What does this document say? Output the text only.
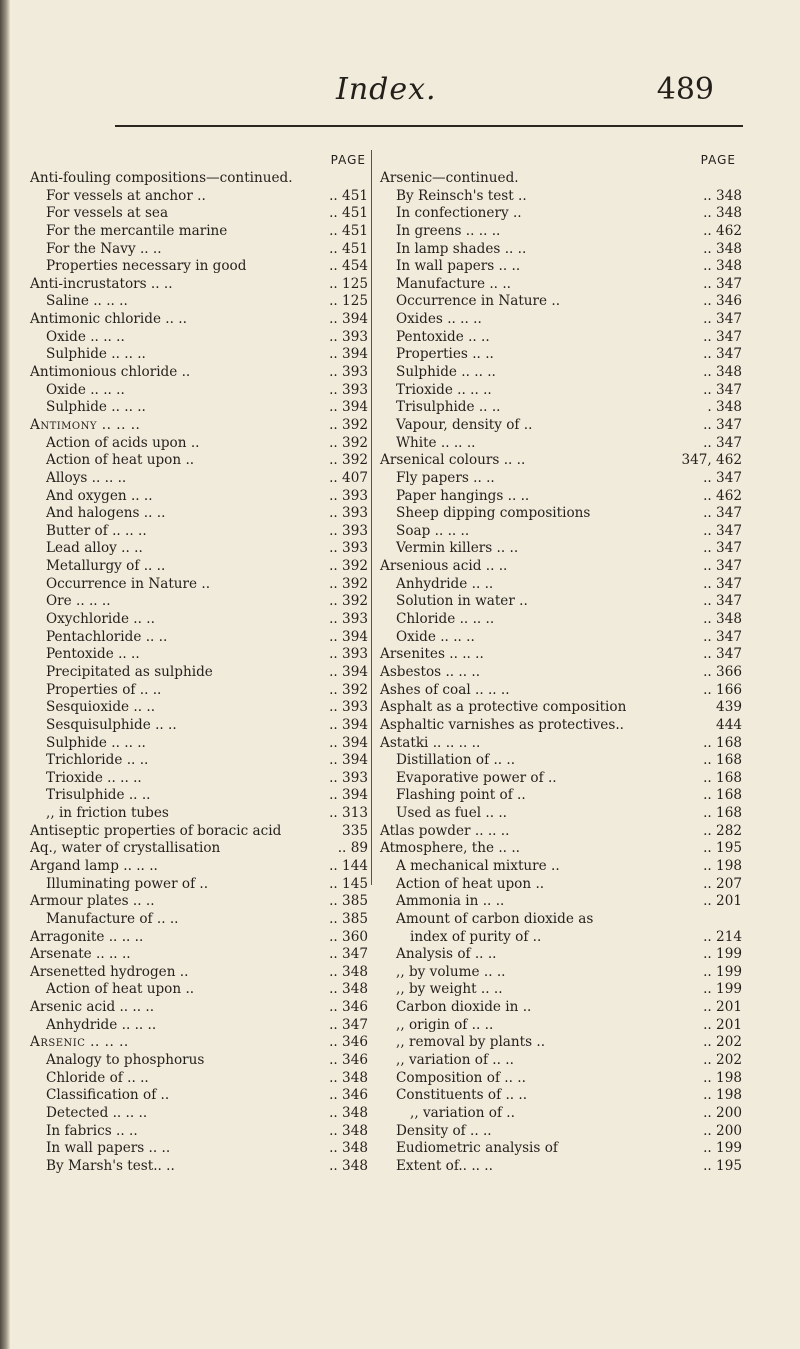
Index.	489
PAGE
Anti-fouling compositions—continued.
For vessels at anchor ..	.. 451
For vessels at sea	.. 451
For the mercantile marine	.. 451
For the Navy .. ..	.. 451
Properties necessary in good	.. 454
Anti-incrustators .. ..	.. 125
Saline .. .. ..	.. 125
Antimonic chloride .. ..	.. 394
Oxide .. .. ..	.. 393
Sulphide .. .. ..	.. 394
Antimonious chloride ..	.. 393
Oxide .. .. ..	.. 393
Sulphide .. .. ..	.. 394
Antimony .. .. ..	.. 392
Action of acids upon ..	.. 392
Action of heat upon ..	.. 392
Alloys .. .. ..	.. 407
And oxygen .. ..	.. 393
And halogens .. ..	.. 393
Butter of .. .. ..	.. 393
Lead alloy .. ..	.. 393
Metallurgy of .. ..	.. 392
Occurrence in Nature ..	.. 392
Ore .. .. ..	.. 392
Oxychloride .. ..	.. 393
Pentachloride .. ..	.. 394
Pentoxide .. ..	.. 393
Precipitated as sulphide	.. 394
Properties of .. ..	.. 392
Sesquioxide .. ..	.. 393
Sesquisulphide .. ..	.. 394
Sulphide .. .. ..	.. 394
Trichloride .. ..	.. 394
Trioxide .. .. ..	.. 393
Trisulphide .. ..	.. 394
,, in friction tubes	.. 313
Antiseptic properties of boracic acid	335
Aq., water of crystallisation	.. 89
Argand lamp .. .. ..	.. 144
Illuminating power of ..	.. 145
Armour plates .. ..	.. 385
Manufacture of .. ..	.. 385
Arragonite .. .. ..	.. 360
Arsenate .. .. ..	.. 347
Arsenetted hydrogen ..	.. 348
Action of heat upon ..	.. 348
Arsenic acid .. .. ..	.. 346
Anhydride .. .. ..	.. 347
Arsenic .. .. ..	.. 346
Analogy to phosphorus	.. 346
Chloride of .. ..	.. 348
Classification of ..	.. 346
Detected .. .. ..	.. 348
In fabrics .. ..	.. 348
In wall papers .. ..	.. 348
By Marsh's test.. ..	.. 348
PAGE
Arsenic—continued.
By Reinsch's test ..	.. 348
In confectionery ..	.. 348
In greens .. .. ..	.. 462
In lamp shades .. ..	.. 348
In wall papers .. ..	.. 348
Manufacture .. ..	.. 347
Occurrence in Nature ..	.. 346
Oxides .. .. ..	.. 347
Pentoxide .. ..	.. 347
Properties .. ..	.. 347
Sulphide .. .. ..	.. 348
Trioxide .. .. ..	.. 347
Trisulphide .. ..	. 348
Vapour, density of ..	.. 347
White .. .. ..	.. 347
Arsenical colours .. ..	347, 462
Fly papers .. ..	.. 347
Paper hangings .. ..	.. 462
Sheep dipping compositions	.. 347
Soap .. .. ..	.. 347
Vermin killers .. ..	.. 347
Arsenious acid .. ..	.. 347
Anhydride .. ..	.. 347
Solution in water ..	.. 347
Chloride .. .. ..	.. 348
Oxide .. .. ..	.. 347
Arsenites .. .. ..	.. 347
Asbestos .. .. ..	.. 366
Ashes of coal .. .. ..	.. 166
Asphalt as a protective composition	439
Asphaltic varnishes as protectives..	444
Astatki .. .. .. ..	.. 168
Distillation of .. ..	.. 168
Evaporative power of ..	.. 168
Flashing point of ..	.. 168
Used as fuel .. ..	.. 168
Atlas powder .. .. ..	.. 282
Atmosphere, the .. ..	.. 195
A mechanical mixture ..	.. 198
Action of heat upon ..	.. 207
Ammonia in .. ..	.. 201
Amount of carbon dioxide as
index of purity of ..	.. 214
Analysis of .. ..	.. 199
,, by volume .. ..	.. 199
,, by weight .. ..	.. 199
Carbon dioxide in ..	.. 201
,, origin of .. ..	.. 201
,, removal by plants ..	.. 202
,, variation of .. ..	.. 202
Composition of .. ..	.. 198
Constituents of .. ..	.. 198
,, variation of ..	.. 200
Density of .. ..	.. 200
Eudiometric analysis of	.. 199
Extent of.. .. ..	.. 195
